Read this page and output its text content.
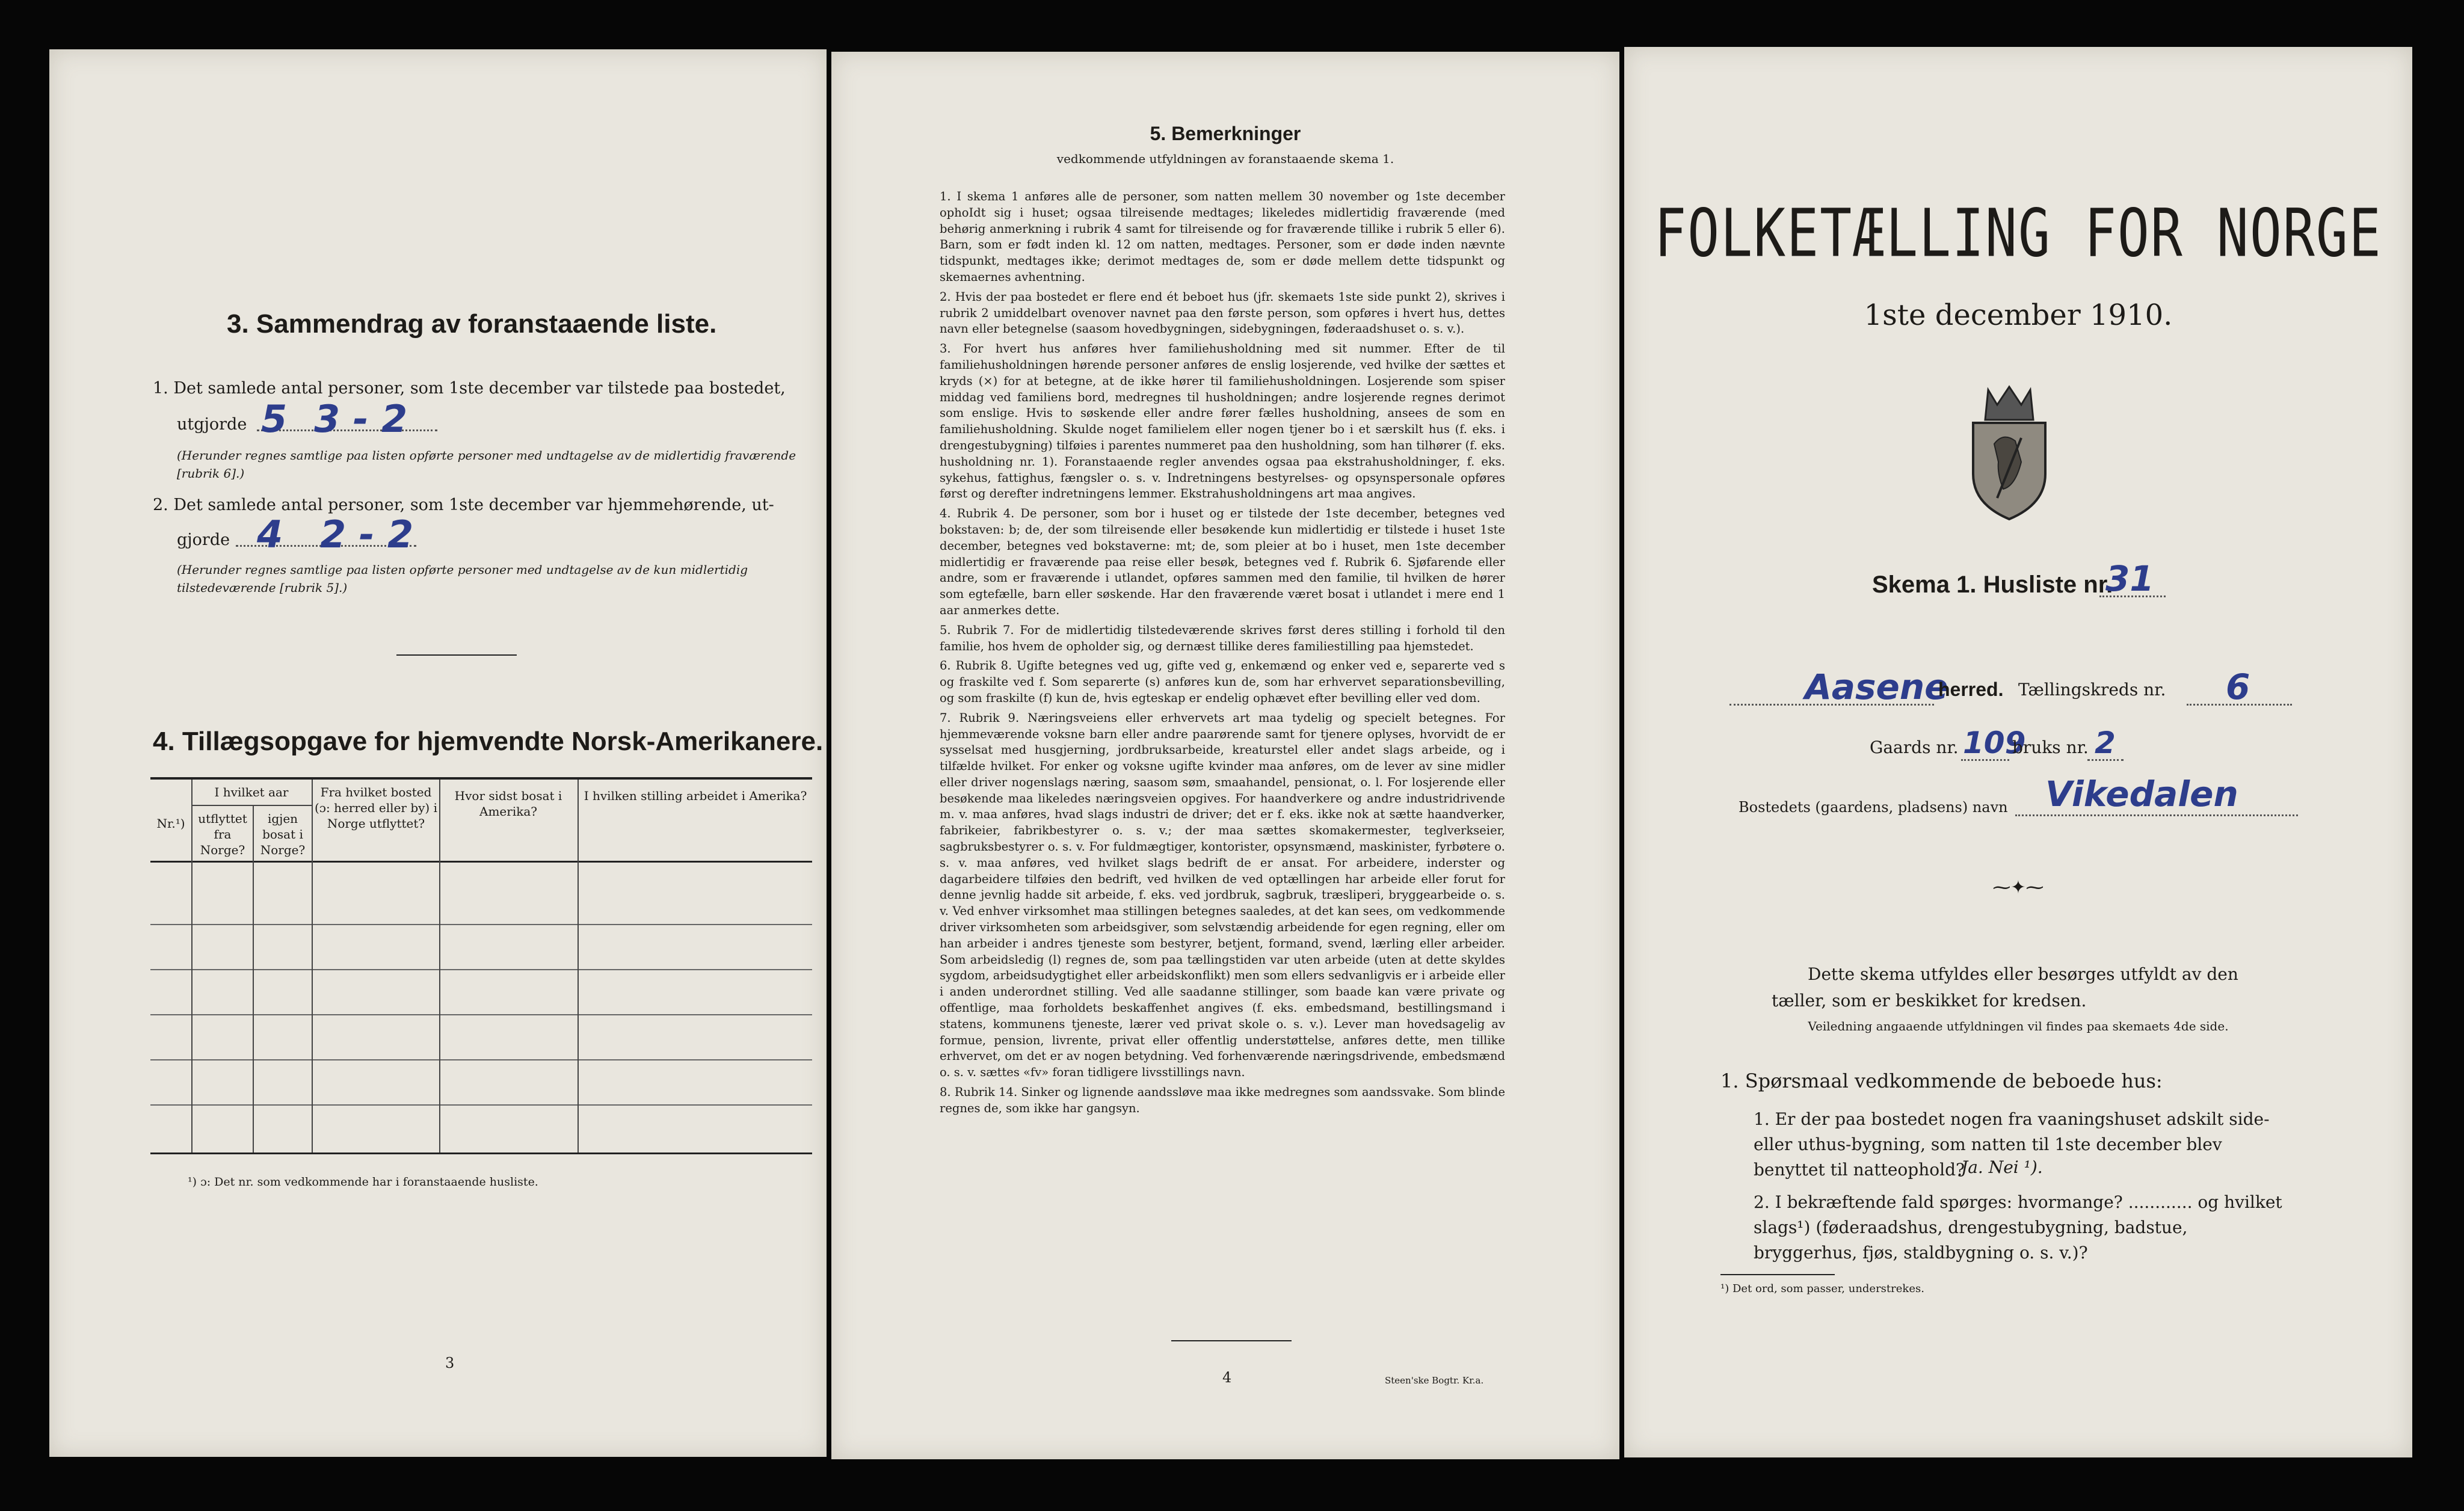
3. Sammendrag av foranstaaende liste.

1. Det samlede antal personer, som 1ste december var tilstede paa bostedet,

utgjorde 5 3 - 2

(Herunder regnes samtlige paa listen opførte personer med undtagelse av de midlertidig fraværende [rubrik 6].)

2. Det samlede antal personer, som 1ste december var hjemmehørende, ut-

gjorde 4 2 - 2

(Herunder regnes samtlige paa listen opførte personer med undtagelse av de kun midlertidig tilstedeværende [rubrik 5].)

4. Tillægsopgave for hjemvendte Norsk-Amerikanere.

Nr.¹)
I hvilket aar
utflyttet fra Norge?
igjen bosat i Norge?
Fra hvilket bosted (ɔ: herred eller by) i Norge utflyttet?
Hvor sidst bosat i Amerika?
I hvilken stilling arbeidet i Amerika?

¹) ɔ: Det nr. som vedkommende har i foranstaaende husliste.

3

5. Bemerkninger

vedkommende utfyldningen av foranstaaende skema 1.

1. I skema 1 anføres alle de personer, som natten mellem 30 november og 1ste december ophoIdt sig i huset; ogsaa tilreisende medtages; likeledes midlertidig fraværende (med behørig anmerkning i rubrik 4 samt for tilreisende og for fraværende tillike i rubrik 5 eller 6). Barn, som er født inden kl. 12 om natten, medtages. Personer, som er døde inden nævnte tidspunkt, medtages ikke; derimot medtages de, som er døde mellem dette tidspunkt og skemaernes avhentning.

2. Hvis der paa bostedet er flere end ét beboet hus (jfr. skemaets 1ste side punkt 2), skrives i rubrik 2 umiddelbart ovenover navnet paa den første person, som opføres i hvert hus, dettes navn eller betegnelse (saasom hovedbygningen, sidebygningen, føderaadshuset o. s. v.).

3. For hvert hus anføres hver familiehusholdning med sit nummer. Efter de til familiehusholdningen hørende personer anføres de enslig losjerende, ved hvilke der sættes et kryds (×) for at betegne, at de ikke hører til familiehusholdningen. Losjerende som spiser middag ved familiens bord, medregnes til husholdningen; andre losjerende regnes derimot som enslige. Hvis to søskende eller andre fører fælles husholdning, ansees de som en familiehusholdning. Skulde noget familielem eller nogen tjener bo i et særskilt hus (f. eks. i drengestubygning) tilføies i parentes nummeret paa den husholdning, som han tilhører (f. eks. husholdning nr. 1). Foranstaaende regler anvendes ogsaa paa ekstrahusholdninger, f. eks. sykehus, fattighus, fængsler o. s. v. Indretningens bestyrelses- og opsynspersonale opføres først og derefter indretningens lemmer. Ekstrahusholdningens art maa angives.

4. Rubrik 4. De personer, som bor i huset og er tilstede der 1ste december, betegnes ved bokstaven: b; de, der som tilreisende eller besøkende kun midlertidig er tilstede i huset 1ste december, betegnes ved bokstaverne: mt; de, som pleier at bo i huset, men 1ste december midlertidig er fraværende paa reise eller besøk, betegnes ved f. Rubrik 6. Sjøfarende eller andre, som er fraværende i utlandet, opføres sammen med den familie, til hvilken de hører som egtefælle, barn eller søskende. Har den fraværende været bosat i utlandet i mere end 1 aar anmerkes dette.

5. Rubrik 7. For de midlertidig tilstedeværende skrives først deres stilling i forhold til den familie, hos hvem de opholder sig, og dernæst tillike deres familiestilling paa hjemstedet.

6. Rubrik 8. Ugifte betegnes ved ug, gifte ved g, enkemænd og enker ved e, separerte ved s og fraskilte ved f. Som separerte (s) anføres kun de, som har erhvervet separationsbevilling, og som fraskilte (f) kun de, hvis egteskap er endelig ophævet efter bevilling eller ved dom.

7. Rubrik 9. Næringsveiens eller erhvervets art maa tydelig og specielt betegnes. For hjemmeværende voksne barn eller andre paarørende samt for tjenere oplyses, hvorvidt de er sysselsat med husgjerning, jordbruksarbeide, kreaturstel eller andet slags arbeide, og i tilfælde hvilket. For enker og voksne ugifte kvinder maa anføres, om de lever av sine midler eller driver nogenslags næring, saasom søm, smaahandel, pensionat, o. l. For losjerende eller besøkende maa likeledes næringsveien opgives. For haandverkere og andre industridrivende m. v. maa anføres, hvad slags industri de driver; det er f. eks. ikke nok at sætte haandverker, fabrikeier, fabrikbestyrer o. s. v.; der maa sættes skomakermester, teglverkseier, sagbruksbestyrer o. s. v. For fuldmægtiger, kontorister, opsynsmænd, maskinister, fyrbøtere o. s. v. maa anføres, ved hvilket slags bedrift de er ansat. For arbeidere, inderster og dagarbeidere tilføies den bedrift, ved hvilken de ved optællingen har arbeide eller forut for denne jevnlig hadde sit arbeide, f. eks. ved jordbruk, sagbruk, træsliperi, bryggearbeide o. s. v. Ved enhver virksomhet maa stillingen betegnes saaledes, at det kan sees, om vedkommende driver virksomheten som arbeidsgiver, som selvstændig arbeidende for egen regning, eller om han arbeider i andres tjeneste som bestyrer, betjent, formand, svend, lærling eller arbeider. Som arbeidsledig (l) regnes de, som paa tællingstiden var uten arbeide (uten at dette skyldes sygdom, arbeidsudygtighet eller arbeidskonflikt) men som ellers sedvanligvis er i arbeide eller i anden underordnet stilling. Ved alle saadanne stillinger, som baade kan være private og offentlige, maa forholdets beskaffenhet angives (f. eks. embedsmand, bestillingsmand i statens, kommunens tjeneste, lærer ved privat skole o. s. v.). Lever man hovedsagelig av formue, pension, livrente, privat eller offentlig understøttelse, anføres dette, men tillike erhvervet, om det er av nogen betydning. Ved forhenværende næringsdrivende, embedsmænd o. s. v. sættes «fv» foran tidligere livsstillings navn.

8. Rubrik 14. Sinker og lignende aandssløve maa ikke medregnes som aandssvake. Som blinde regnes de, som ikke har gangsyn.

4	Steen'ske Bogtr. Kr.a.

FOLKETÆLLING FOR NORGE

1ste december 1910.

Skema 1. Husliste nr.

31

Aasene

herred. Tællingskreds nr. 6

Gaards nr. 109

bruks nr. 2

Bostedets (gaardens, pladsens) navn Vikedalen

⁓✦⁓

Dette skema utfyldes eller besørges utfyldt av den tæller, som er beskikket for kredsen.

Veiledning angaaende utfyldningen vil findes paa skemaets 4de side.

1. Spørsmaal vedkommende de beboede hus:

1. Er der paa bostedet nogen fra vaaningshuset adskilt side- eller uthus-bygning, som natten til 1ste december blev benyttet til natteophold?

Ja. Nei ¹).

2. I bekræftende fald spørges: hvormange? ............ og hvilket slags¹) (føderaadshus, drengestubygning, badstue, bryggerhus, fjøs, staldbygning o. s. v.)?

¹) Det ord, som passer, understrekes.
